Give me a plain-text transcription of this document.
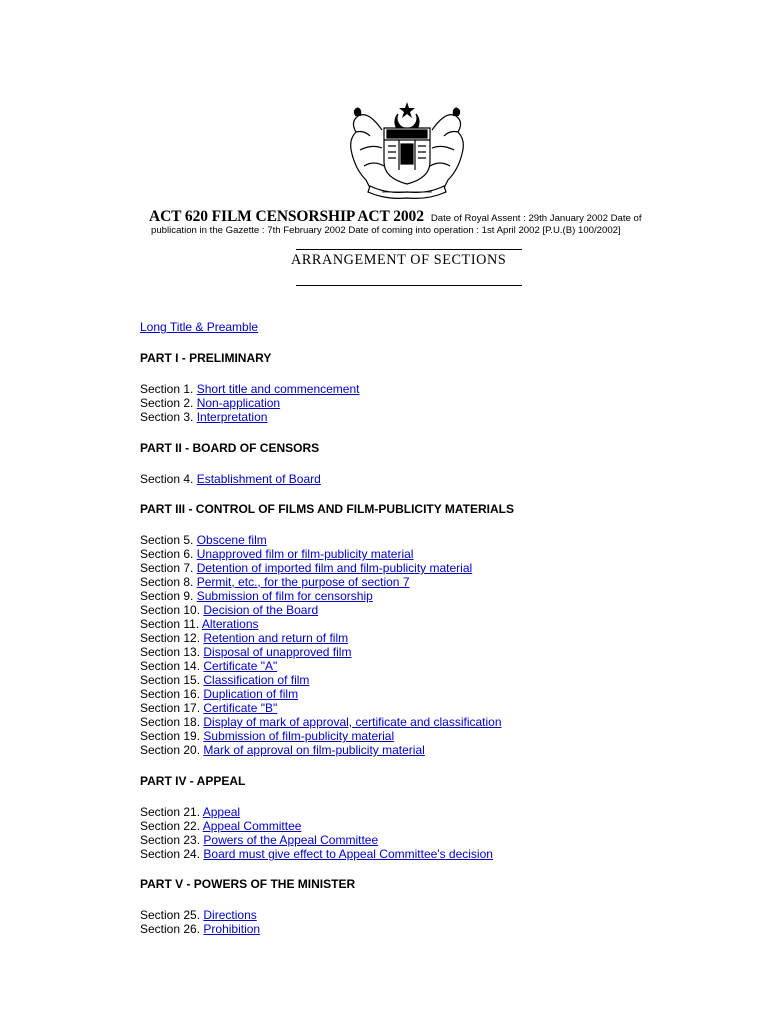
ACT 620 FILM CENSORSHIP ACT 2002 Date of Royal Assent : 29th January 2002 Date of
publication in the Gazette : 7th February 2002 Date of coming into operation : 1st April 2002 [P.U.(B) 100/2002]
ARRANGEMENT OF SECTIONS
Long Title & Preamble
PART I - PRELIMINARY
Section 1. Short title and commencement
Section 2. Non-application
Section 3. Interpretation
PART II - BOARD OF CENSORS
Section 4. Establishment of Board
PART III - CONTROL OF FILMS AND FILM-PUBLICITY MATERIALS
Section 5. Obscene film
Section 6. Unapproved film or film-publicity material
Section 7. Detention of imported film and film-publicity material
Section 8. Permit, etc., for the purpose of section 7
Section 9. Submission of film for censorship
Section 10. Decision of the Board
Section 11. Alterations
Section 12. Retention and return of film
Section 13. Disposal of unapproved film
Section 14. Certificate "A"
Section 15. Classification of film
Section 16. Duplication of film
Section 17. Certificate "B"
Section 18. Display of mark of approval, certificate and classification
Section 19. Submission of film-publicity material
Section 20. Mark of approval on film-publicity material
PART IV - APPEAL
Section 21. Appeal
Section 22. Appeal Committee
Section 23. Powers of the Appeal Committee
Section 24. Board must give effect to Appeal Committee's decision
PART V - POWERS OF THE MINISTER
Section 25. Directions
Section 26. Prohibition
